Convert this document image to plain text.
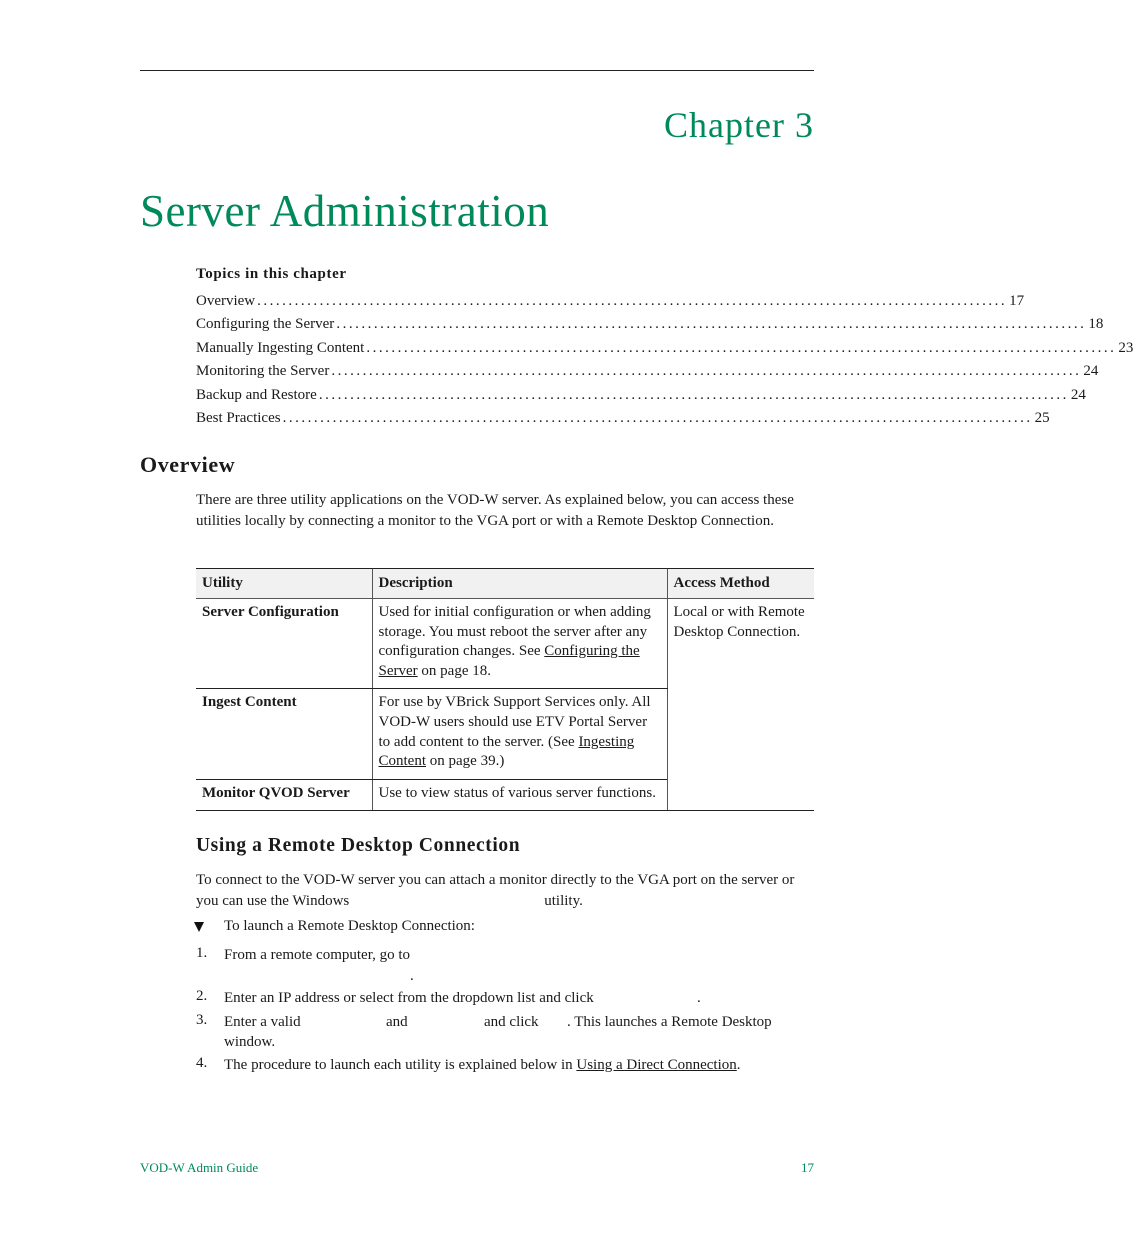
Chapter 3
Server Administration
Topics in this chapter
Overview ........................................................................................................................ 17
Configuring the Server ........................................................................................................................ 18
Manually Ingesting Content ........................................................................................................................ 23
Monitoring the Server ........................................................................................................................ 24
Backup and Restore ........................................................................................................................ 24
Best Practices ........................................................................................................................ 25
Overview
There are three utility applications on the VOD-W server. As explained below, you can access these utilities locally by connecting a monitor to the VGA port or with a Remote Desktop Connection.
Utility	Description	Access Method
Server Configuration	Used for initial configuration or when adding storage. You must reboot the server after any configuration changes. See Configuring the Server on page 18.	Local or with Remote Desktop Connection.
Ingest Content	For use by VBrick Support Services only. All VOD-W users should use ETV Portal Server to add content to the server. (See Ingesting Content on page 39.)	
Monitor QVOD Server	Use to view status of various server functions.	
Using a Remote Desktop Connection
To connect to the VOD-W server you can attach a monitor directly to the VGA port on the server or you can use the Windows	utility.
To launch a Remote Desktop Connection:
1. From a remote computer, go to
.
2. Enter an IP address or select from the dropdown list and click	.
3. Enter a valid	and	and click . This launches a Remote Desktop
window.
4. The procedure to launch each utility is explained below in Using a Direct Connection.
VOD-W Admin Guide	17
